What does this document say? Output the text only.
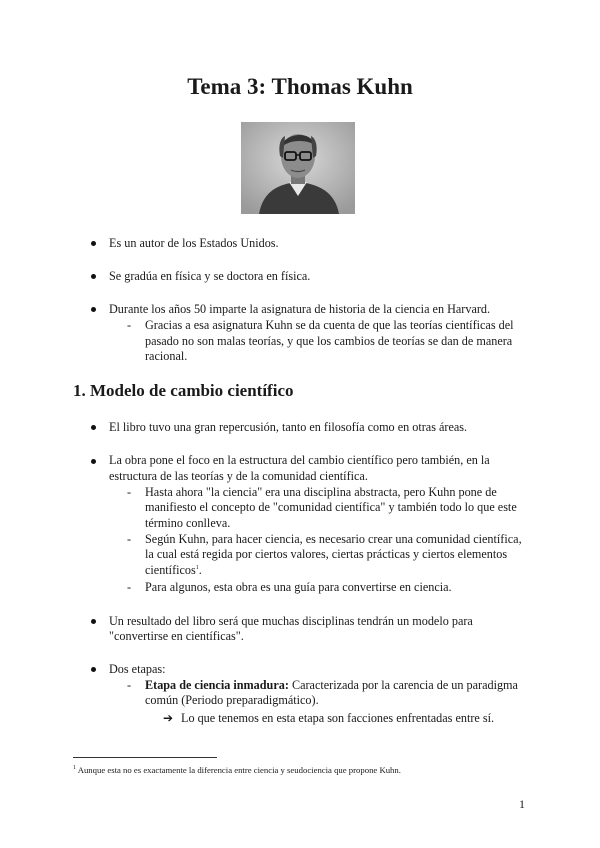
Tema 3: Thomas Kuhn
Es un autor de los Estados Unidos.
Se gradúa en física y se doctora en física.
Durante los años 50 imparte la asignatura de historia de la ciencia en Harvard.
- Gracias a esa asignatura Kuhn se da cuenta de que las teorías científicas del
pasado no son malas teorías, y que los cambios de teorías se dan de manera
racional.
1. Modelo de cambio científico
El libro tuvo una gran repercusión, tanto en filosofía como en otras áreas.
La obra pone el foco en la estructura del cambio científico pero también, en la
estructura de las teorías y de la comunidad científica.
- Hasta ahora "la ciencia" era una disciplina abstracta, pero Kuhn pone de
manifiesto el concepto de "comunidad científica" y también todo lo que este
término conlleva.
- Según Kuhn, para hacer ciencia, es necesario crear una comunidad científica,
la cual está regida por ciertos valores, ciertas prácticas y ciertos elementos
científicos$^1$.
- Para algunos, esta obra es una guía para convertirse en ciencia.
Un resultado del libro será que muchas disciplinas tendrán un modelo para
"convertirse en científicas".
Dos etapas:
- Etapa de ciencia inmadura: Caracterizada por la carencia de un paradigma
común (Periodo preparadigmático).
➔ Lo que tenemos en esta etapa son facciones enfrentadas entre sí.
$^1$ Aunque esta no es exactamente la diferencia entre ciencia y seudociencia que propone Kuhn.
1
